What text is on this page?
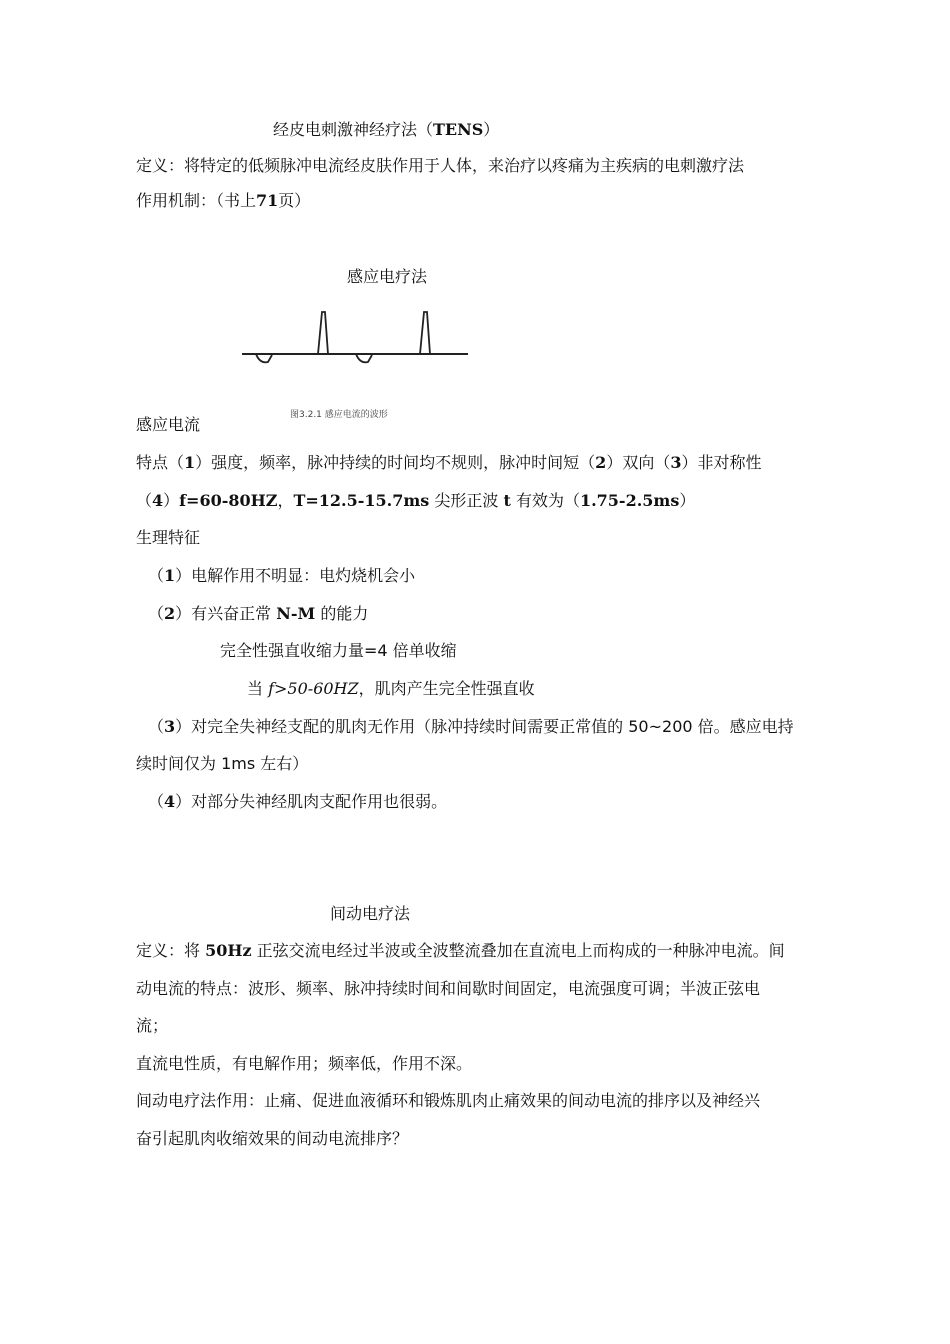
经皮电刺激神经疗法（TENS）
定义：将特定的低频脉冲电流经皮肤作用于人体，来治疗以疼痛为主疾病的电刺激疗法
作用机制：（书上71页）
感应电疗法
图3.2.1 感应电流的波形
感应电流
特点（1）强度，频率，脉冲持续的时间均不规则，脉冲时间短（2）双向（3）非对称性
（4）f=60-80HZ，T=12.5-15.7ms 尖形正波 t 有效为（1.75-2.5ms）
生理特征
（1）电解作用不明显：电灼烧机会小
（2）有兴奋正常 N-M 的能力
完全性强直收缩力量=4 倍单收缩
当 f>50-60HZ，肌肉产生完全性强直收
（3）对完全失神经支配的肌肉无作用（脉冲持续时间需要正常值的 50~200 倍。感应电持
续时间仅为 1ms 左右）
（4）对部分失神经肌肉支配作用也很弱。
间动电疗法
定义：将 50Hz 正弦交流电经过半波或全波整流叠加在直流电上而构成的一种脉冲电流。间
动电流的特点：波形、频率、脉冲持续时间和间歇时间固定，电流强度可调；半波正弦电
流；
直流电性质，有电解作用；频率低，作用不深。
间动电疗法作用：止痛、促进血液循环和锻炼肌肉止痛效果的间动电流的排序以及神经兴
奋引起肌肉收缩效果的间动电流排序？
